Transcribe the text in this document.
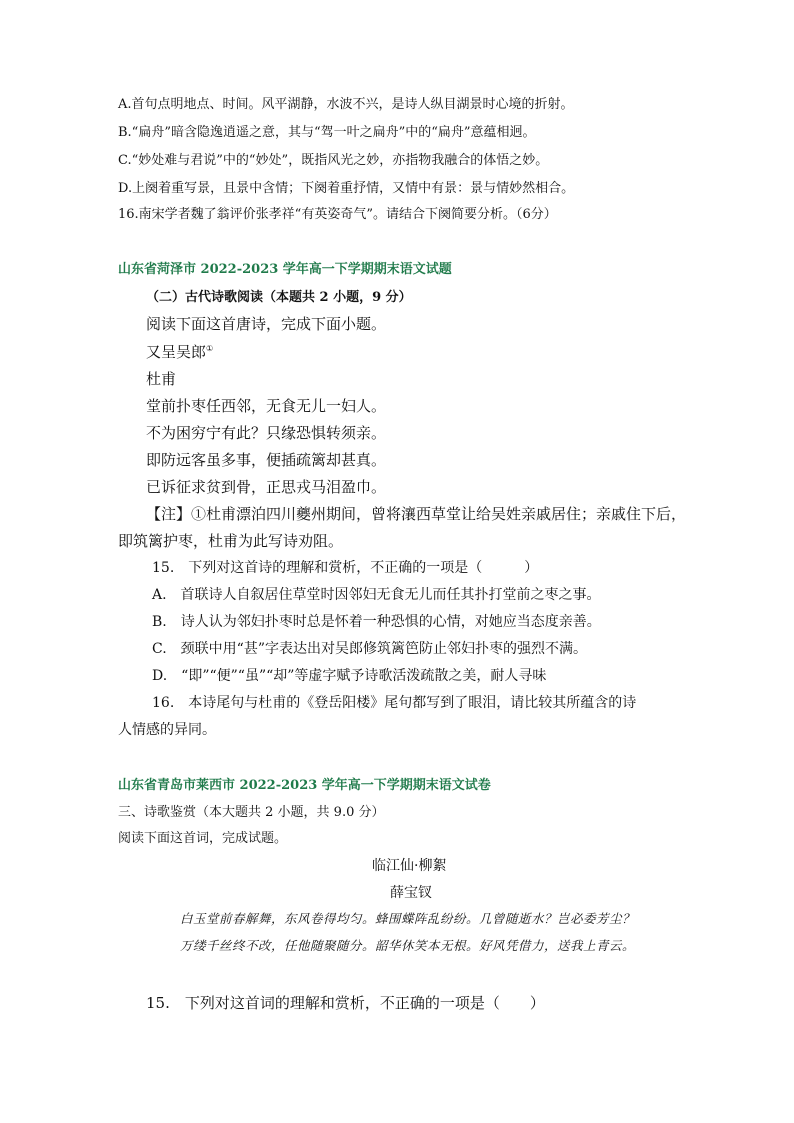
A.首句点明地点、时间。风平湖静，水波不兴，是诗人纵目湖景时心境的折射。
B.“扁舟”暗含隐逸逍遥之意，其与“驾一叶之扁舟”中的“扁舟”意蕴相迥。
C.“妙处难与君说”中的“妙处”，既指风光之妙，亦指物我融合的体悟之妙。
D.上阕着重写景，且景中含情；下阕着重抒情，又情中有景：景与情妙然相合。
16.南宋学者魏了翁评价张孝祥“有英姿奇气”。请结合下阕简要分析。（6分）
山东省菏泽市 2022-2023 学年高一下学期期末语文试题
（二）古代诗歌阅读（本题共 2 小题，9 分）
阅读下面这首唐诗，完成下面小题。
又呈吴郎①
杜甫
堂前扑枣任西邻，无食无儿一妇人。
不为困穷宁有此？只缘恐惧转须亲。
即防远客虽多事，便插疏篱却甚真。
已诉征求贫到骨，正思戎马泪盈巾。
【注】①杜甫漂泊四川夔州期间，曾将瀼西草堂让给吴姓亲戚居住；亲戚住下后，
即筑篱护枣，杜甫为此写诗劝阻。
15.　下列对这首诗的理解和赏析，不正确的一项是（　　　）
A.　首联诗人自叙居住草堂时因邻妇无食无儿而任其扑打堂前之枣之事。
B.　诗人认为邻妇扑枣时总是怀着一种恐惧的心情，对她应当态度亲善。
C.　颈联中用“甚”字表达出对吴郎修筑篱笆防止邻妇扑枣的强烈不满。
D.　“即”“便”“虽”“却”等虚字赋予诗歌活泼疏散之美，耐人寻味
16.　本诗尾句与杜甫的《登岳阳楼》尾句都写到了眼泪，请比较其所蕴含的诗
人情感的异同。
山东省青岛市莱西市 2022-2023 学年高一下学期期末语文试卷
三、诗歌鉴赏（本大题共 2 小题，共 9.0 分）
阅读下面这首词，完成试题。
临江仙·柳絮
薛宝钗
白玉堂前春解舞，东风卷得均匀。蜂围蝶阵乱纷纷。几曾随逝水？岂必委芳尘？
万缕千丝终不改，任他随聚随分。韶华休笑本无根。好风凭借力，送我上青云。
15.　下列对这首词的理解和赏析，不正确的一项是（　　）
